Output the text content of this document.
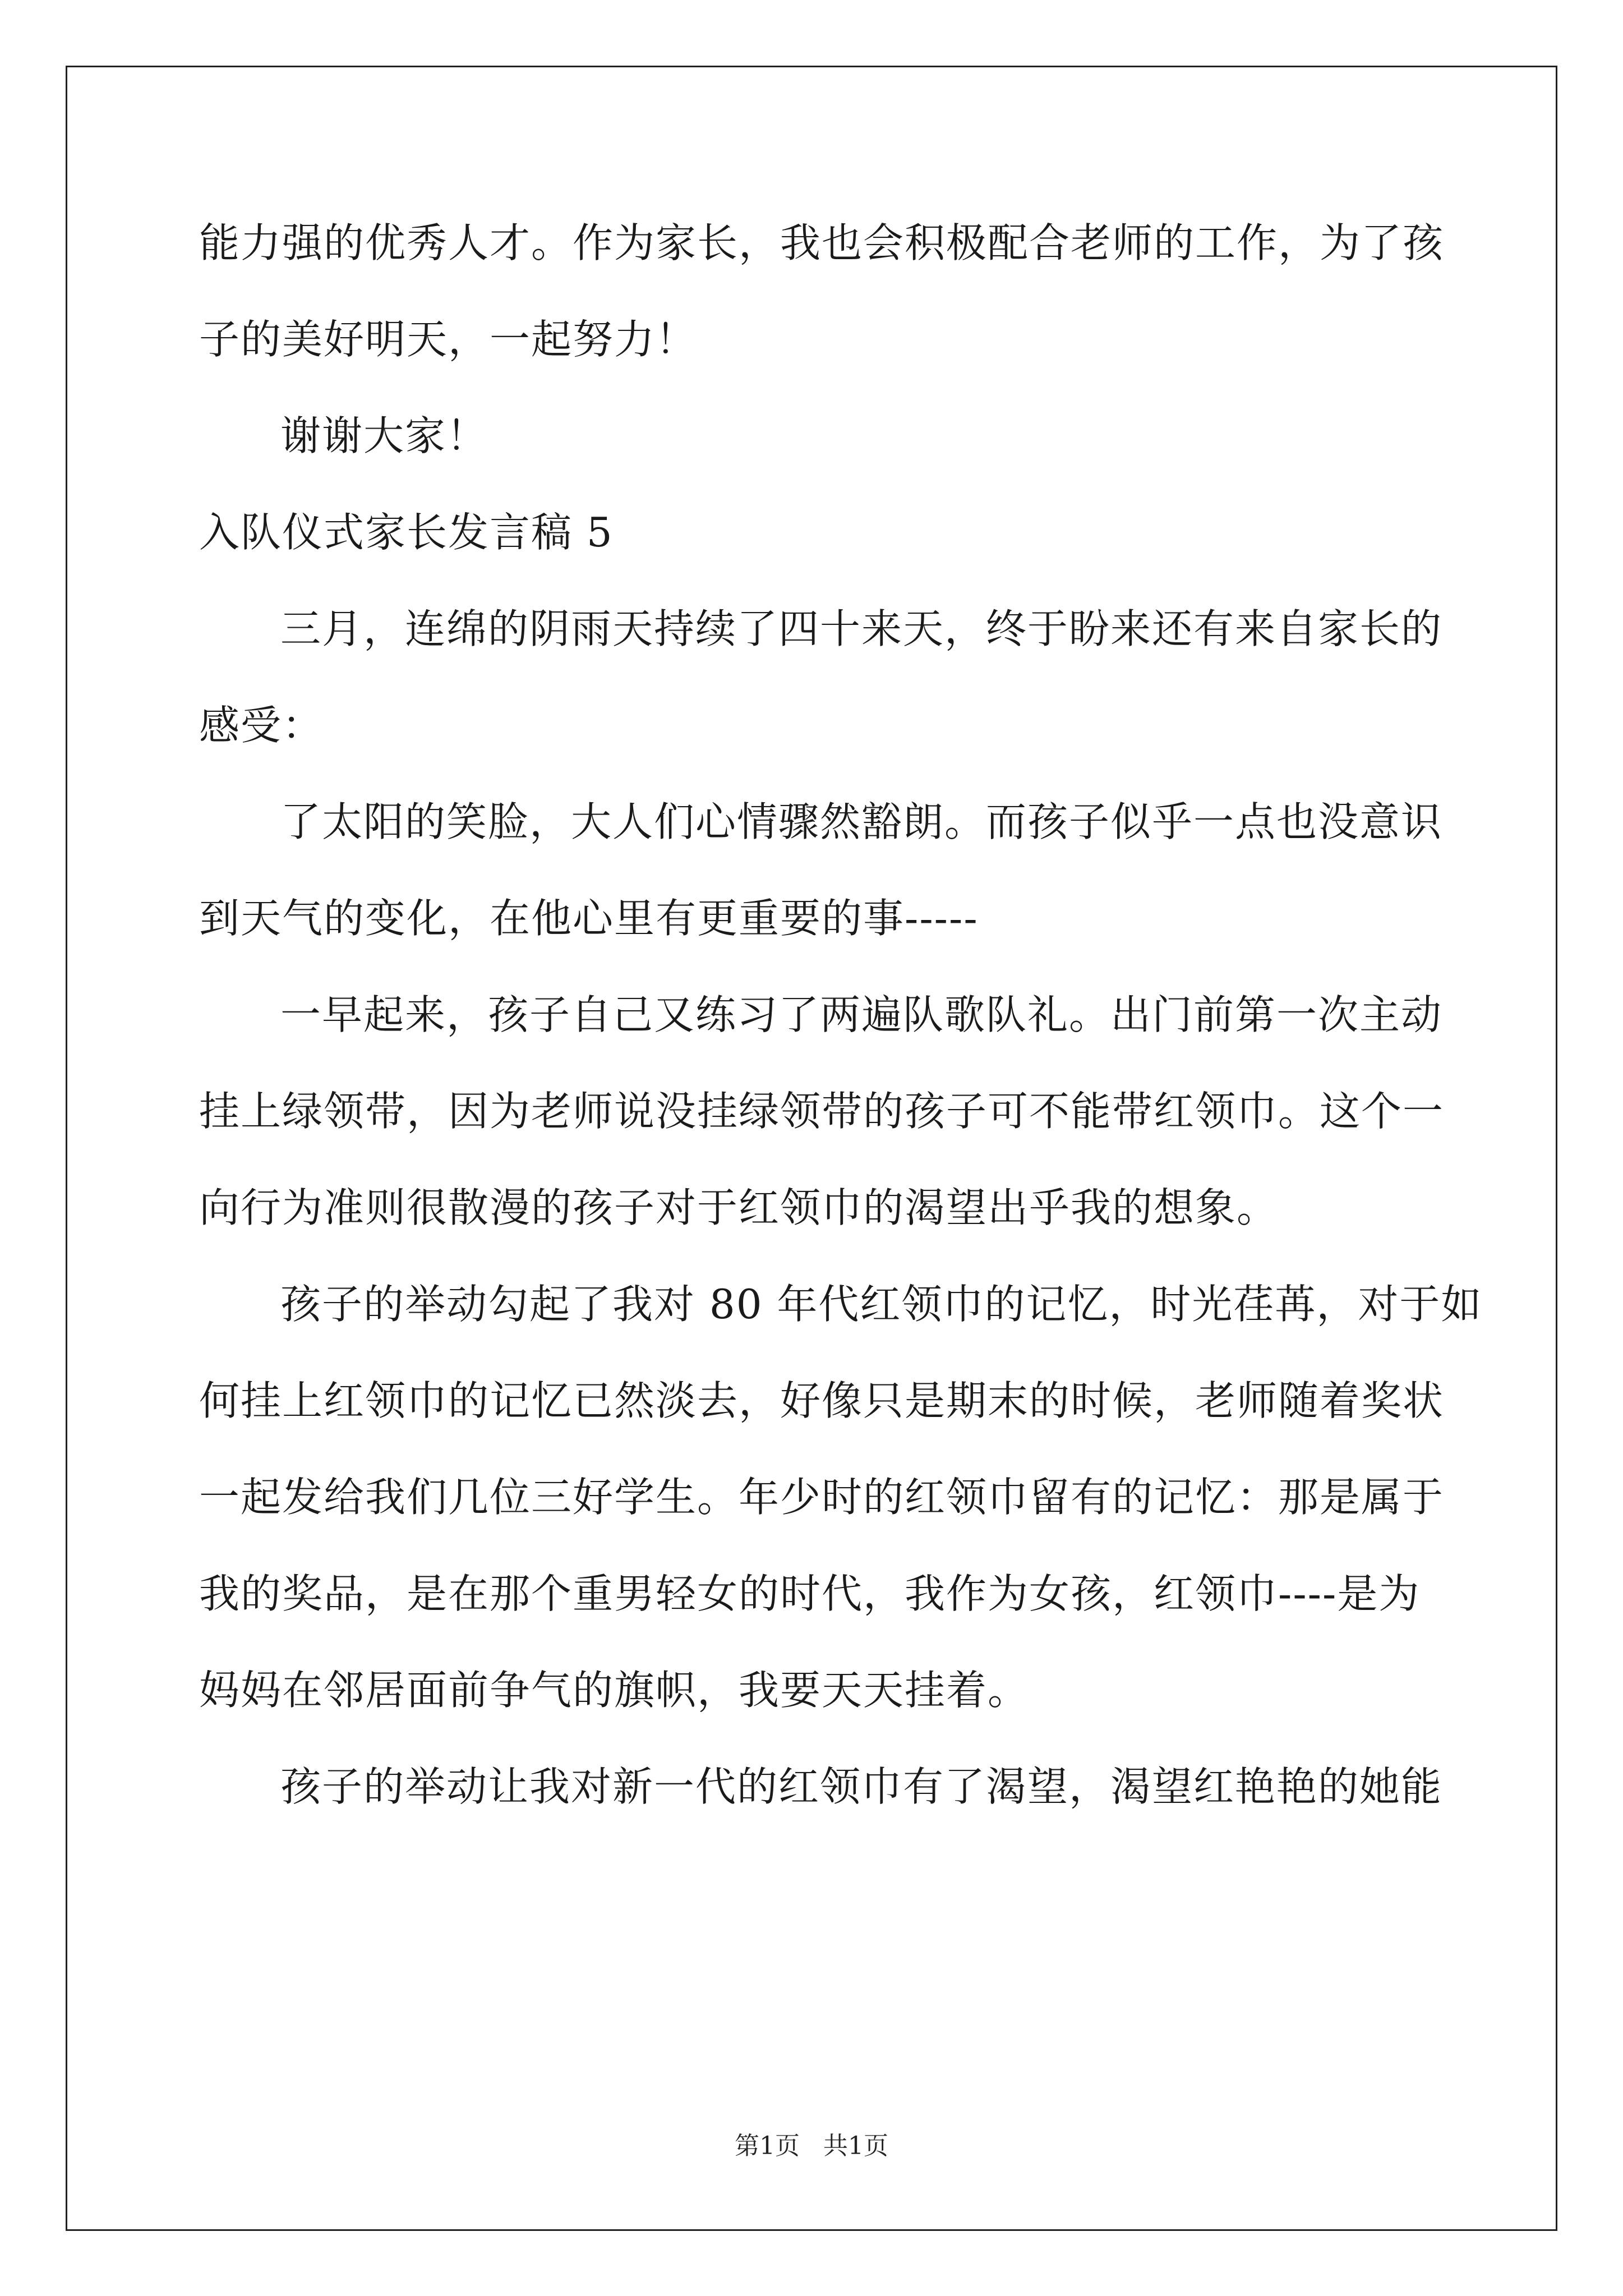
能力强的优秀人才。作为家长，我也会积极配合老师的工作，为了孩
子的美好明天，一起努力！
谢谢大家！
入队仪式家长发言稿 5
三月，连绵的阴雨天持续了四十来天，终于盼来还有来自家长的
感受：
了太阳的笑脸，大人们心情骤然豁朗。而孩子似乎一点也没意识
到天气的变化，在他心里有更重要的事-----
一早起来，孩子自己又练习了两遍队歌队礼。出门前第一次主动
挂上绿领带，因为老师说没挂绿领带的孩子可不能带红领巾。这个一
向行为准则很散漫的孩子对于红领巾的渴望出乎我的想象。
孩子的举动勾起了我对 80 年代红领巾的记忆，时光荏苒，对于如
何挂上红领巾的记忆已然淡去，好像只是期末的时候，老师随着奖状
一起发给我们几位三好学生。年少时的红领巾留有的记忆：那是属于
我的奖品，是在那个重男轻女的时代，我作为女孩，红领巾----是为
妈妈在邻居面前争气的旗帜，我要天天挂着。
孩子的举动让我对新一代的红领巾有了渴望，渴望红艳艳的她能
第1页 共1页
